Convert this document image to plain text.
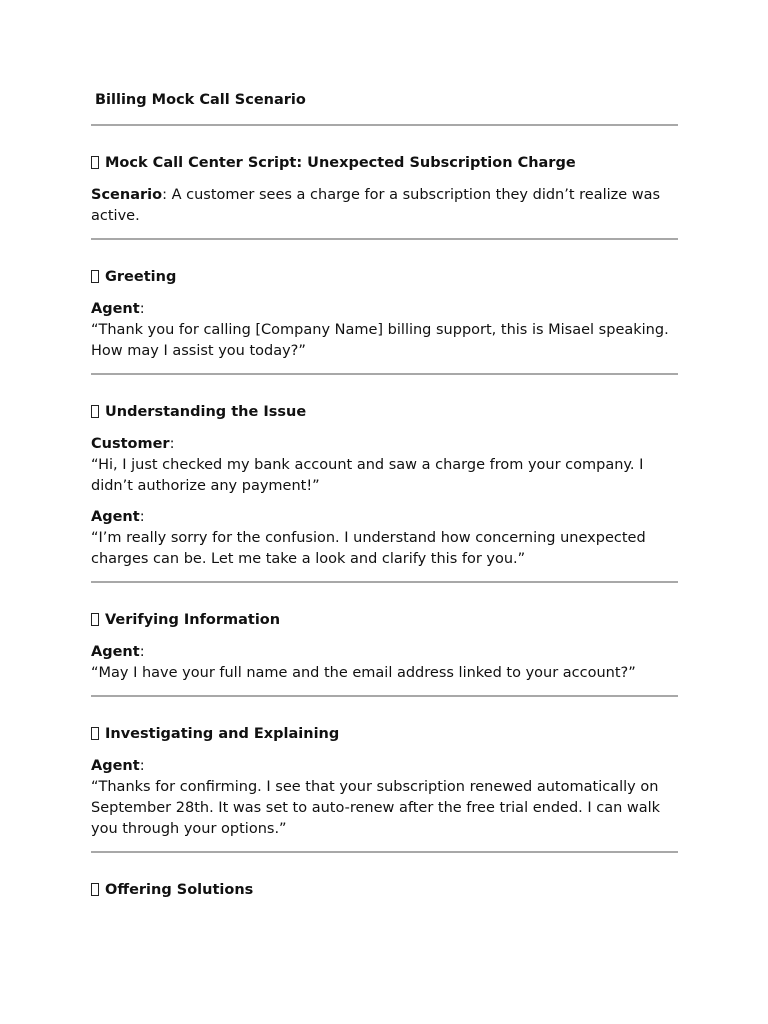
Billing Mock Call Scenario
Mock Call Center Script: Unexpected Subscription Charge
Scenario: A customer sees a charge for a subscription they didn’t realize was active.
Greeting
Agent:
“Thank you for calling [Company Name] billing support, this is Misael speaking. How may I assist you today?”
Understanding the Issue
Customer:
“Hi, I just checked my bank account and saw a charge from your company. I didn’t authorize any payment!”
Agent:
“I’m really sorry for the confusion. I understand how concerning unexpected charges can be. Let me take a look and clarify this for you.”
Verifying Information
Agent:
“May I have your full name and the email address linked to your account?”
Investigating and Explaining
Agent:
“Thanks for confirming. I see that your subscription renewed automatically on September 28th. It was set to auto-renew after the free trial ended. I can walk you through your options.”
Offering Solutions
